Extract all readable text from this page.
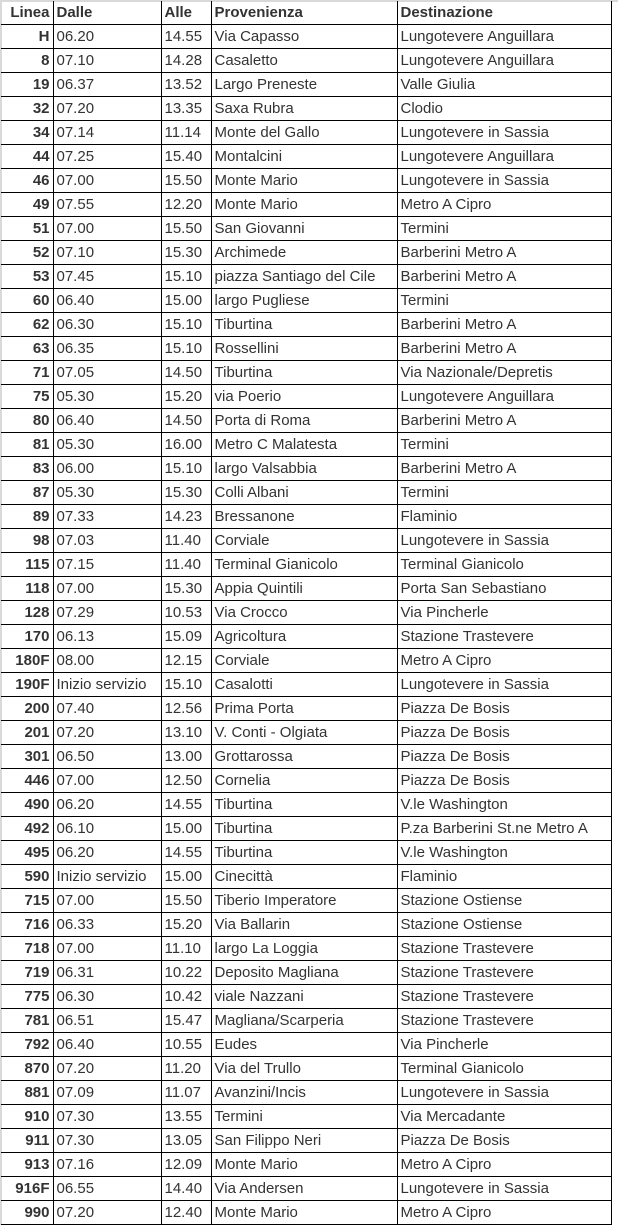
Linea	Dalle	Alle	Provenienza	Destinazione
H	06.20	14.55	Via Capasso	Lungotevere Anguillara
8	07.10	14.28	Casaletto	Lungotevere Anguillara
19	06.37	13.52	Largo Preneste	Valle Giulia
32	07.20	13.35	Saxa Rubra	Clodio
34	07.14	11.14	Monte del Gallo	Lungotevere in Sassia
44	07.25	15.40	Montalcini	Lungotevere Anguillara
46	07.00	15.50	Monte Mario	Lungotevere in Sassia
49	07.55	12.20	Monte Mario	Metro A Cipro
51	07.00	15.50	San Giovanni	Termini
52	07.10	15.30	Archimede	Barberini Metro A
53	07.45	15.10	piazza Santiago del Cile	Barberini Metro A
60	06.40	15.00	largo Pugliese	Termini
62	06.30	15.10	Tiburtina	Barberini Metro A
63	06.35	15.10	Rossellini	Barberini Metro A
71	07.05	14.50	Tiburtina	Via Nazionale/Depretis
75	05.30	15.20	via Poerio	Lungotevere Anguillara
80	06.40	14.50	Porta di Roma	Barberini Metro A
81	05.30	16.00	Metro C Malatesta	Termini
83	06.00	15.10	largo Valsabbia	Barberini Metro A
87	05.30	15.30	Colli Albani	Termini
89	07.33	14.23	Bressanone	Flaminio
98	07.03	11.40	Corviale	Lungotevere in Sassia
115	07.15	11.40	Terminal Gianicolo	Terminal Gianicolo
118	07.00	15.30	Appia Quintili	Porta San Sebastiano
128	07.29	10.53	Via Crocco	Via Pincherle
170	06.13	15.09	Agricoltura	Stazione Trastevere
180F	08.00	12.15	Corviale	Metro A Cipro
190F	Inizio servizio	15.10	Casalotti	Lungotevere in Sassia
200	07.40	12.56	Prima Porta	Piazza De Bosis
201	07.20	13.10	V. Conti - Olgiata	Piazza De Bosis
301	06.50	13.00	Grottarossa	Piazza De Bosis
446	07.00	12.50	Cornelia	Piazza De Bosis
490	06.20	14.55	Tiburtina	V.le Washington
492	06.10	15.00	Tiburtina	P.za Barberini St.ne Metro A
495	06.20	14.55	Tiburtina	V.le Washington
590	Inizio servizio	15.00	Cinecittà	Flaminio
715	07.00	15.50	Tiberio Imperatore	Stazione Ostiense
716	06.33	15.20	Via Ballarin	Stazione Ostiense
718	07.00	11.10	largo La Loggia	Stazione Trastevere
719	06.31	10.22	Deposito Magliana	Stazione Trastevere
775	06.30	10.42	viale Nazzani	Stazione Trastevere
781	06.51	15.47	Magliana/Scarperia	Stazione Trastevere
792	06.40	10.55	Eudes	Via Pincherle
870	07.20	11.20	Via del Trullo	Terminal Gianicolo
881	07.09	11.07	Avanzini/Incis	Lungotevere in Sassia
910	07.30	13.55	Termini	Via Mercadante
911	07.30	13.05	San Filippo Neri	Piazza De Bosis
913	07.16	12.09	Monte Mario	Metro A Cipro
916F	06.55	14.40	Via Andersen	Lungotevere in Sassia
990	07.20	12.40	Monte Mario	Metro A Cipro
